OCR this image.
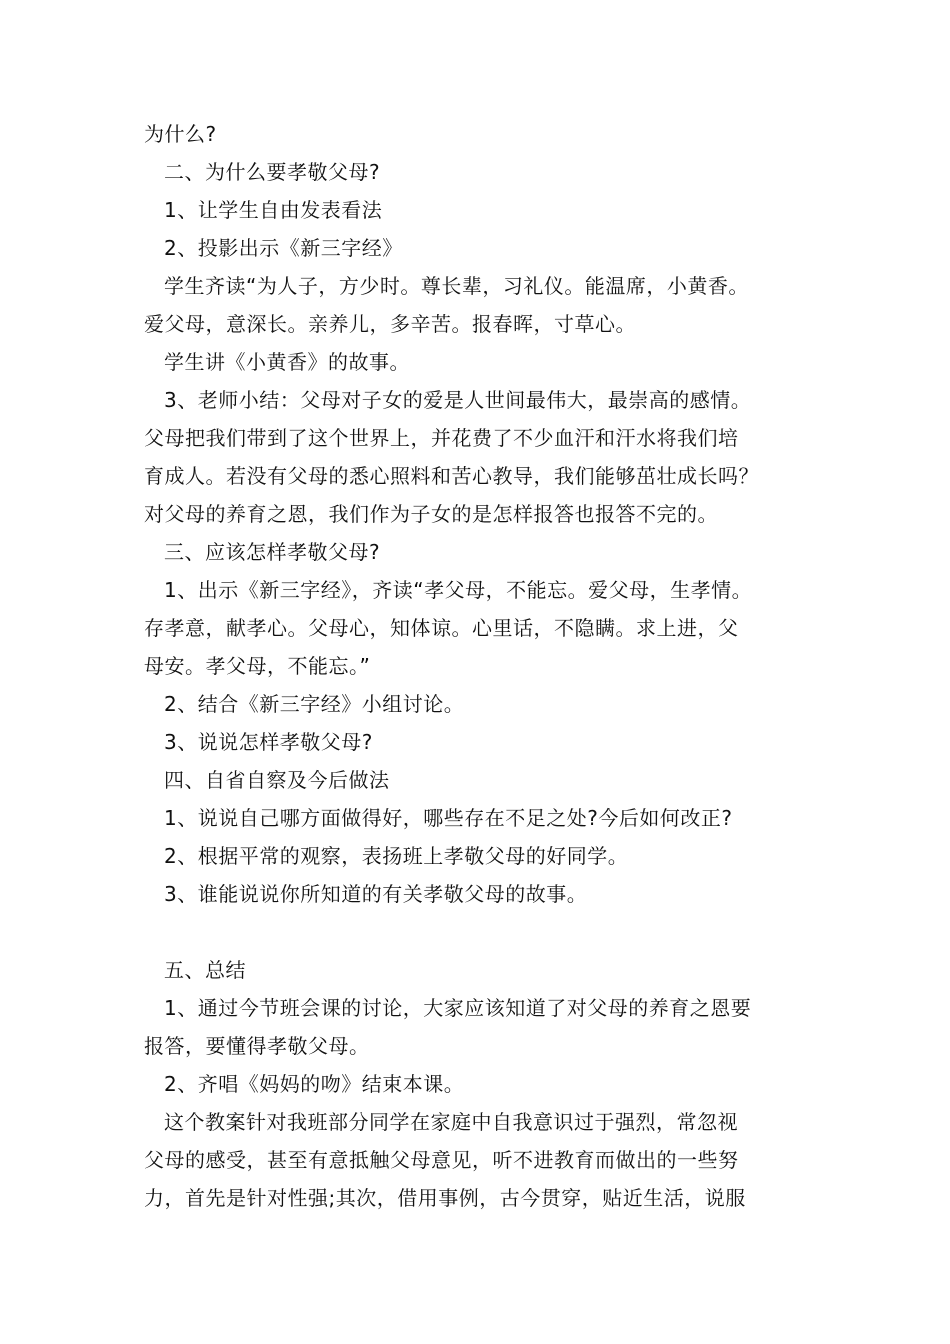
为什么?
二、为什么要孝敬父母?
1、让学生自由发表看法
2、投影出示《新三字经》
学生齐读“为人子，方少时。尊长辈，习礼仪。能温席，小黄香。
爱父母，意深长。亲养儿，多辛苦。报春晖，寸草心。
学生讲《小黄香》的故事。
3、老师小结：父母对子女的爱是人世间最伟大，最崇高的感情。
父母把我们带到了这个世界上，并花费了不少血汗和汗水将我们培
育成人。若没有父母的悉心照料和苦心教导，我们能够茁壮成长吗？
对父母的养育之恩，我们作为子女的是怎样报答也报答不完的。
三、应该怎样孝敬父母?
1、出示《新三字经》，齐读“孝父母，不能忘。爱父母，生孝情。
存孝意，献孝心。父母心，知体谅。心里话，不隐瞒。求上进，父
母安。孝父母，不能忘。”
2、结合《新三字经》小组讨论。
3、说说怎样孝敬父母?
四、自省自察及今后做法
1、说说自己哪方面做得好，哪些存在不足之处?今后如何改正?
2、根据平常的观察，表扬班上孝敬父母的好同学。
3、谁能说说你所知道的有关孝敬父母的故事。
五、总结
1、通过今节班会课的讨论，大家应该知道了对父母的养育之恩要
报答，要懂得孝敬父母。
2、齐唱《妈妈的吻》结束本课。
这个教案针对我班部分同学在家庭中自我意识过于强烈，常忽视
父母的感受，甚至有意抵触父母意见，听不进教育而做出的一些努
力，首先是针对性强;其次，借用事例，古今贯穿，贴近生活，说服
